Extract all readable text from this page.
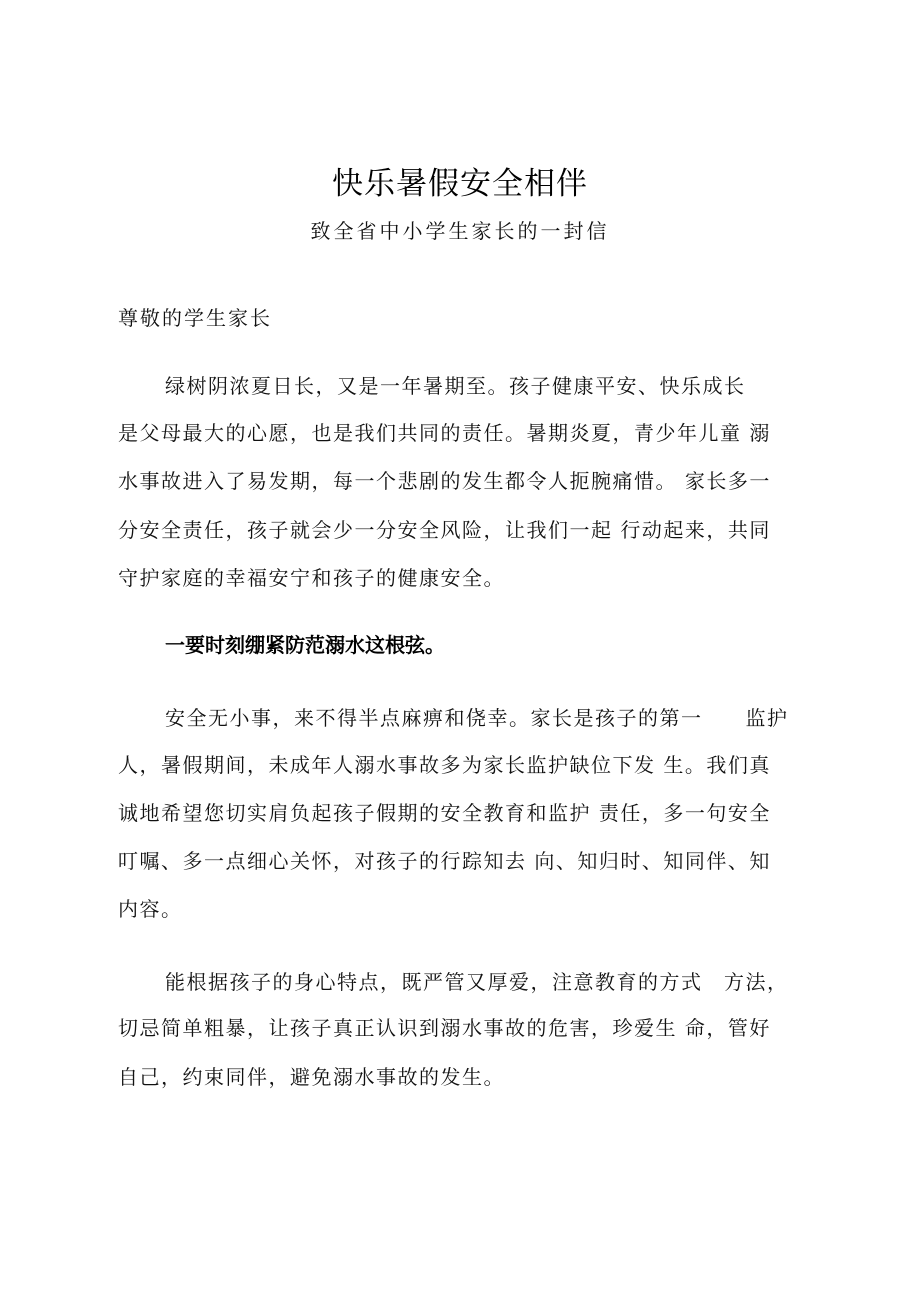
快乐暑假安全相伴
致全省中小学生家长的一封信
尊敬的学生家长
绿树阴浓夏日长，又是一年暑期至。孩子健康平安、快乐成长
是父母最大的心愿，也是我们共同的责任。暑期炎夏，青少年儿童 溺
水事故进入了易发期，每一个悲剧的发生都令人扼腕痛惜。 家长多一
分安全责任，孩子就会少一分安全风险，让我们一起 行动起来，共同
守护家庭的幸福安宁和孩子的健康安全。
一要时刻绷紧防范溺水这根弦。
安全无小事，来不得半点麻痹和侥幸。家长是孩子的第一　　监护
人，暑假期间，未成年人溺水事故多为家长监护缺位下发 生。我们真
诚地希望您切实肩负起孩子假期的安全教育和监护 责任，多一句安全
叮嘱、多一点细心关怀，对孩子的行踪知去 向、知归时、知同伴、知
内容。
能根据孩子的身心特点，既严管又厚爱，注意教育的方式　方法，
切忌简单粗暴，让孩子真正认识到溺水事故的危害，珍爱生 命，管好
自己，约束同伴，避免溺水事故的发生。
